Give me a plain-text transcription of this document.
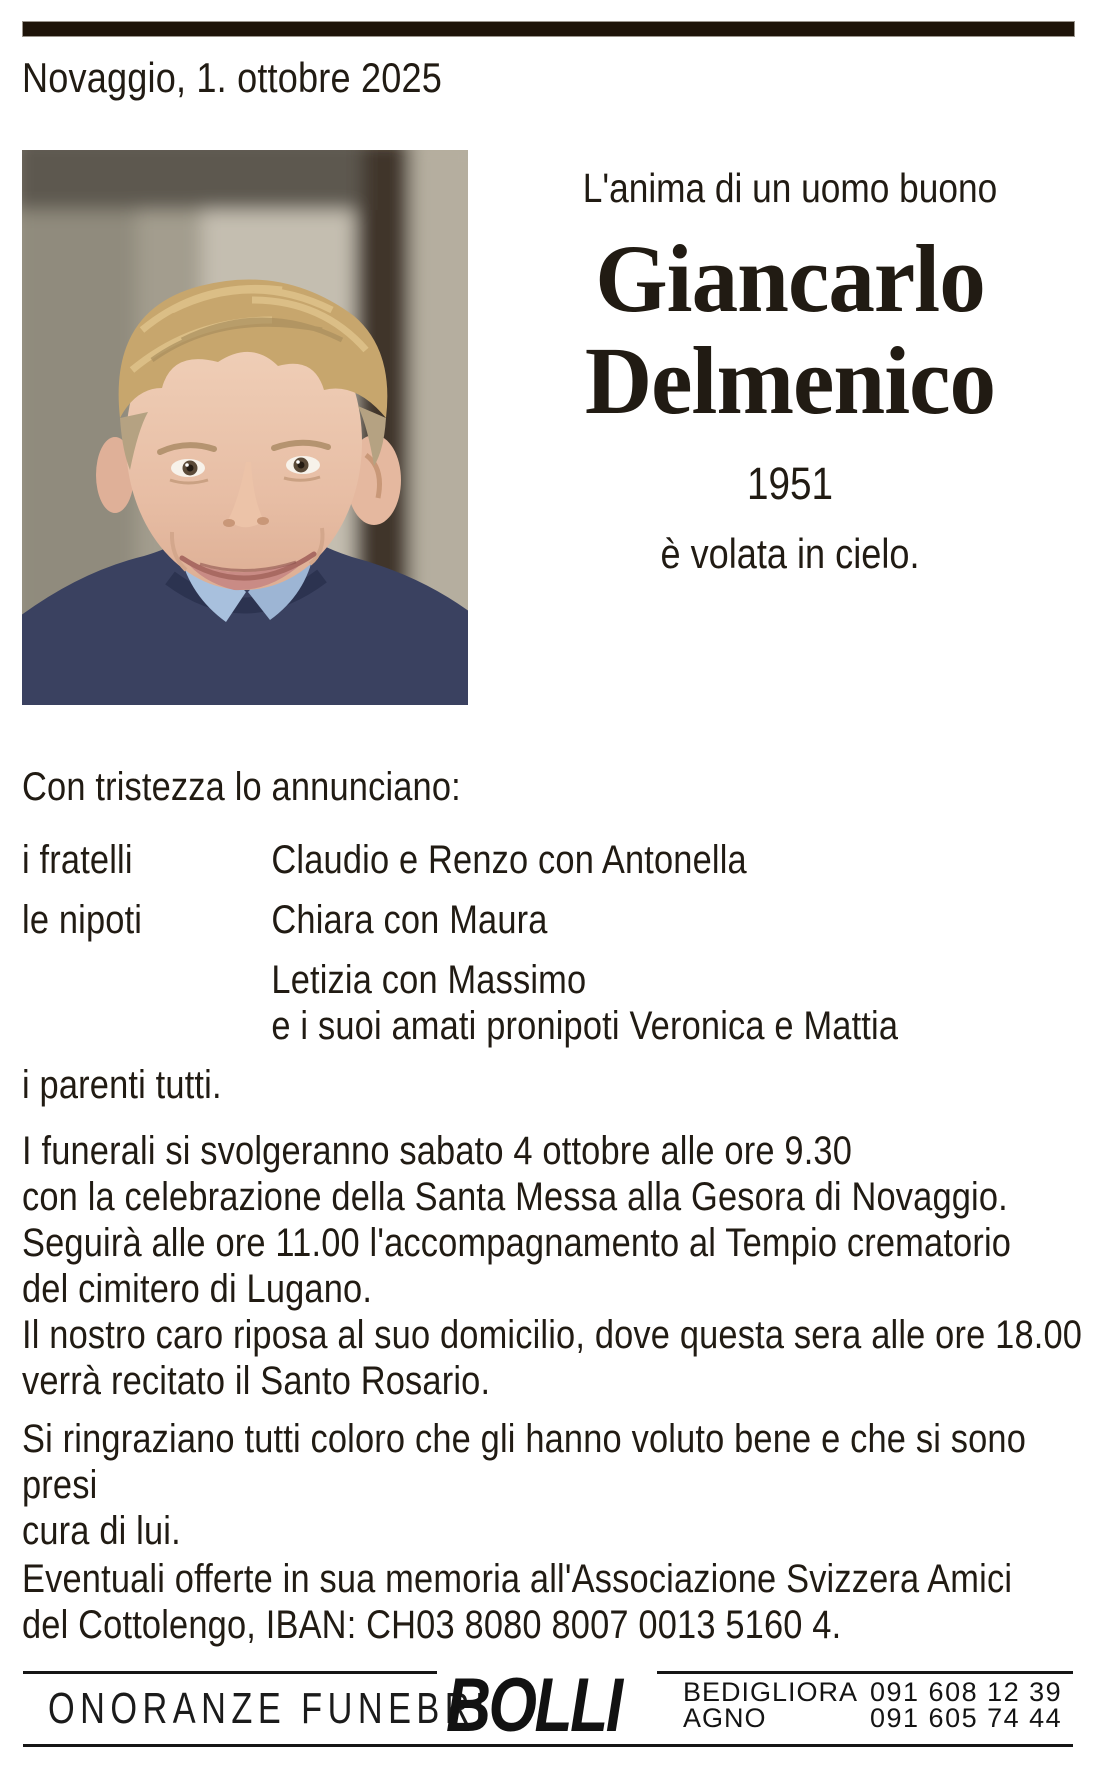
Novaggio, 1. ottobre 2025
L'anima di un uomo buono
Giancarlo
Delmenico
1951
è volata in cielo.
Con tristezza lo annunciano:
i fratelli	Claudio e Renzo con Antonella
le nipoti	Chiara con Maura
Letizia con Massimo
e i suoi amati pronipoti Veronica e Mattia
i parenti tutti.
I funerali si svolgeranno sabato 4 ottobre alle ore 9.30
con la celebrazione della Santa Messa alla Gesora di Novaggio.
Seguirà alle ore 11.00 l'accompagnamento al Tempio crematorio
del cimitero di Lugano.
Il nostro caro riposa al suo domicilio, dove questa sera alle ore 18.00
verrà recitato il Santo Rosario.
Si ringraziano tutti coloro che gli hanno voluto bene e che si sono presi
cura di lui.
Eventuali offerte in sua memoria all'Associazione Svizzera Amici
del Cottolengo, IBAN: CH03 8080 8007 0013 5160 4.
ONORANZE FUNEBRI
BOLLI BEDIGLIORA 091 608 12 39
AGNO	091 605 74 44
